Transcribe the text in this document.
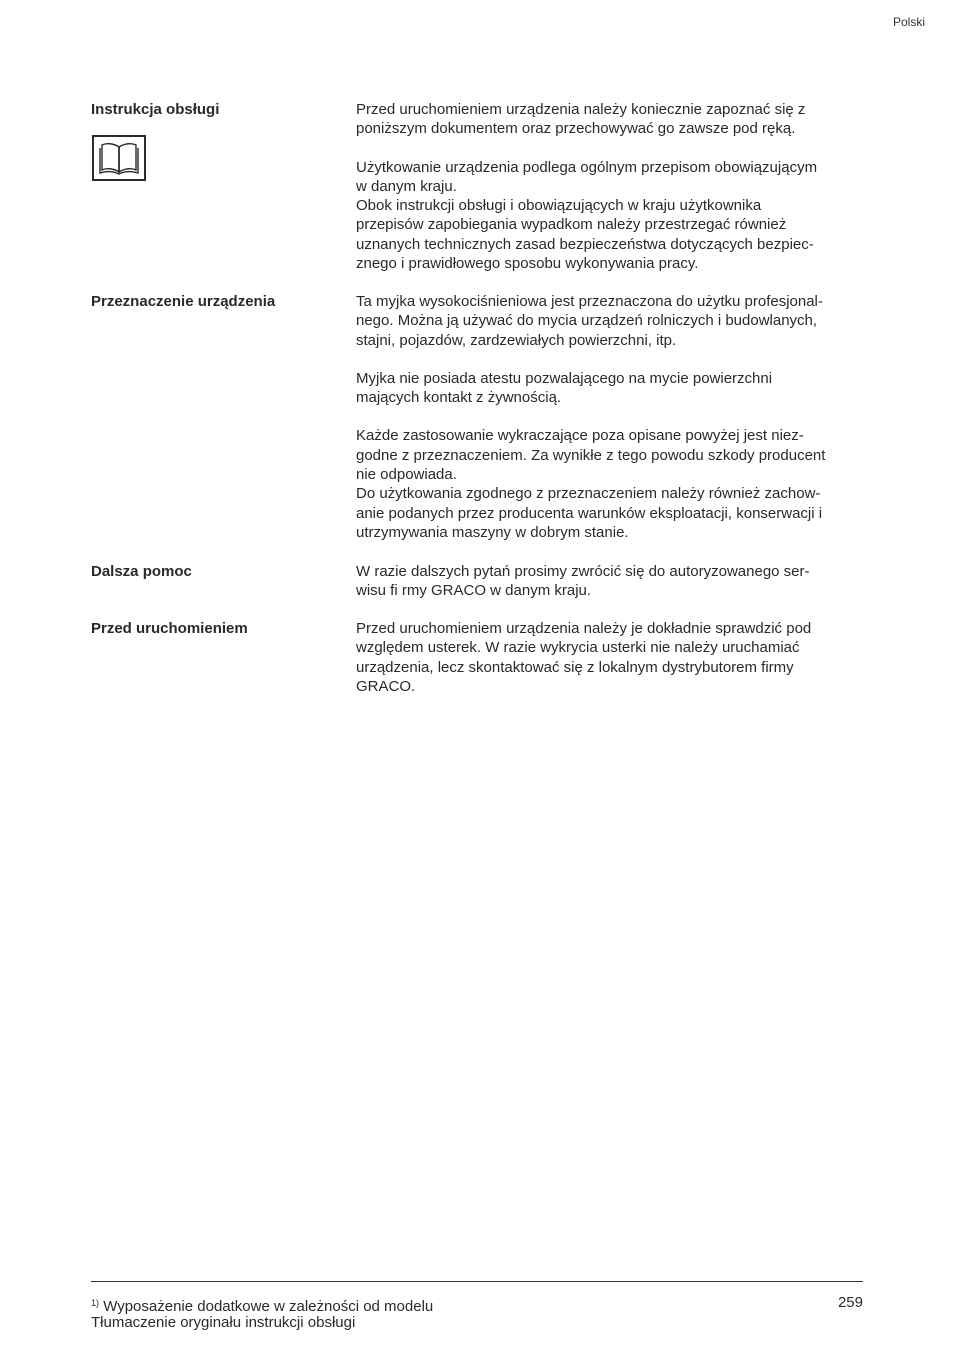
Polski
Instrukcja obsługi	Przed uruchomieniem urządzenia należy koniecznie zapoznać się z
poniższym dokumentem oraz przechowywać go zawsze pod ręką.

Użytkowanie urządzenia podlega ogólnym przepisom obowiązującym
w danym kraju.
Obok instrukcji obsługi i obowiązujących w kraju użytkownika
przepisów zapobiegania wypadkom należy przestrzegać również
uznanych technicznych zasad bezpieczeństwa dotyczących bezpiec-
znego i prawidłowego sposobu wykonywania pracy.

Przeznaczenie urządzenia	Ta myjka wysokociśnieniowa jest przeznaczona do użytku profesjonal-
nego. Można ją używać do mycia urządzeń rolniczych i budowlanych,
stajni, pojazdów, zardzewiałych powierzchni, itp.

Myjka nie posiada atestu pozwalającego na mycie powierzchni
mających kontakt z żywnością.

Każde zastosowanie wykraczające poza opisane powyżej jest niez-
godne z przeznaczeniem. Za wynikłe z tego powodu szkody producent
nie odpowiada.
Do użytkowania zgodnego z przeznaczeniem należy również zachow-
anie podanych przez producenta warunków eksploatacji, konserwacji i
utrzymywania maszyny w dobrym stanie.

Dalsza pomoc	W razie dalszych pytań prosimy zwrócić się do autoryzowanego ser-
wisu fi rmy GRACO w danym kraju.

Przed uruchomieniem	Przed uruchomieniem urządzenia należy je dokładnie sprawdzić pod
względem usterek. W razie wykrycia usterki nie należy uruchamiać
urządzenia, lecz skontaktować się z lokalnym dystrybutorem firmy
GRACO.

$^{1)}$ Wyposażenie dodatkowe w zależności od modelu
Tłumaczenie oryginału instrukcji obsługi
259
